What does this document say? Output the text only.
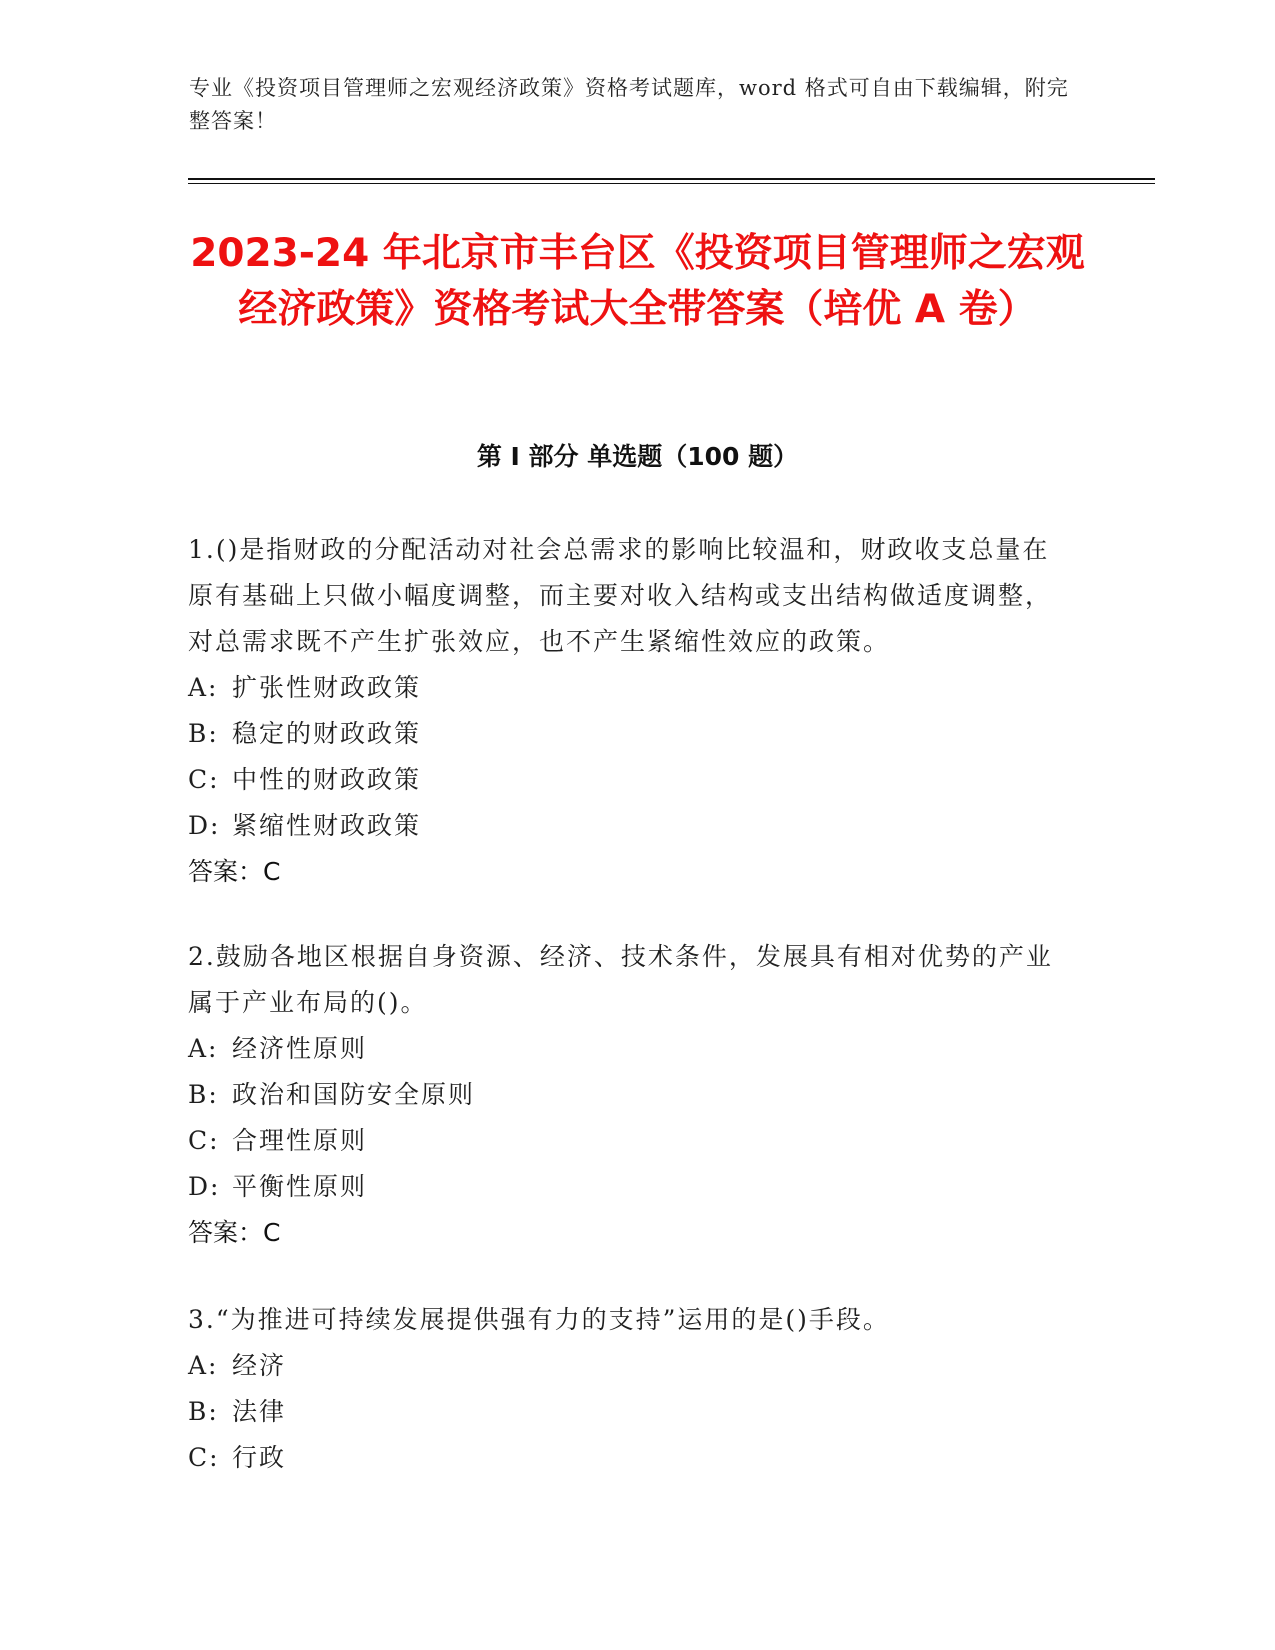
专业《投资项目管理师之宏观经济政策》资格考试题库，word 格式可自由下载编辑，附完整答案！
2023-24 年北京市丰台区《投资项目管理师之宏观经济政策》资格考试大全带答案（培优 A 卷）
第 I 部分 单选题（100 题）
1.()是指财政的分配活动对社会总需求的影响比较温和，财政收支总量在原有基础上只做小幅度调整，而主要对收入结构或支出结构做适度调整，对总需求既不产生扩张效应，也不产生紧缩性效应的政策。
A: 扩张性财政政策
B: 稳定的财政政策
C: 中性的财政政策
D: 紧缩性财政政策
答案：C
2.鼓励各地区根据自身资源、经济、技术条件，发展具有相对优势的产业属于产业布局的()。
A: 经济性原则
B: 政治和国防安全原则
C: 合理性原则
D: 平衡性原则
答案：C
3.“为推进可持续发展提供强有力的支持”运用的是()手段。
A: 经济
B: 法律
C: 行政
